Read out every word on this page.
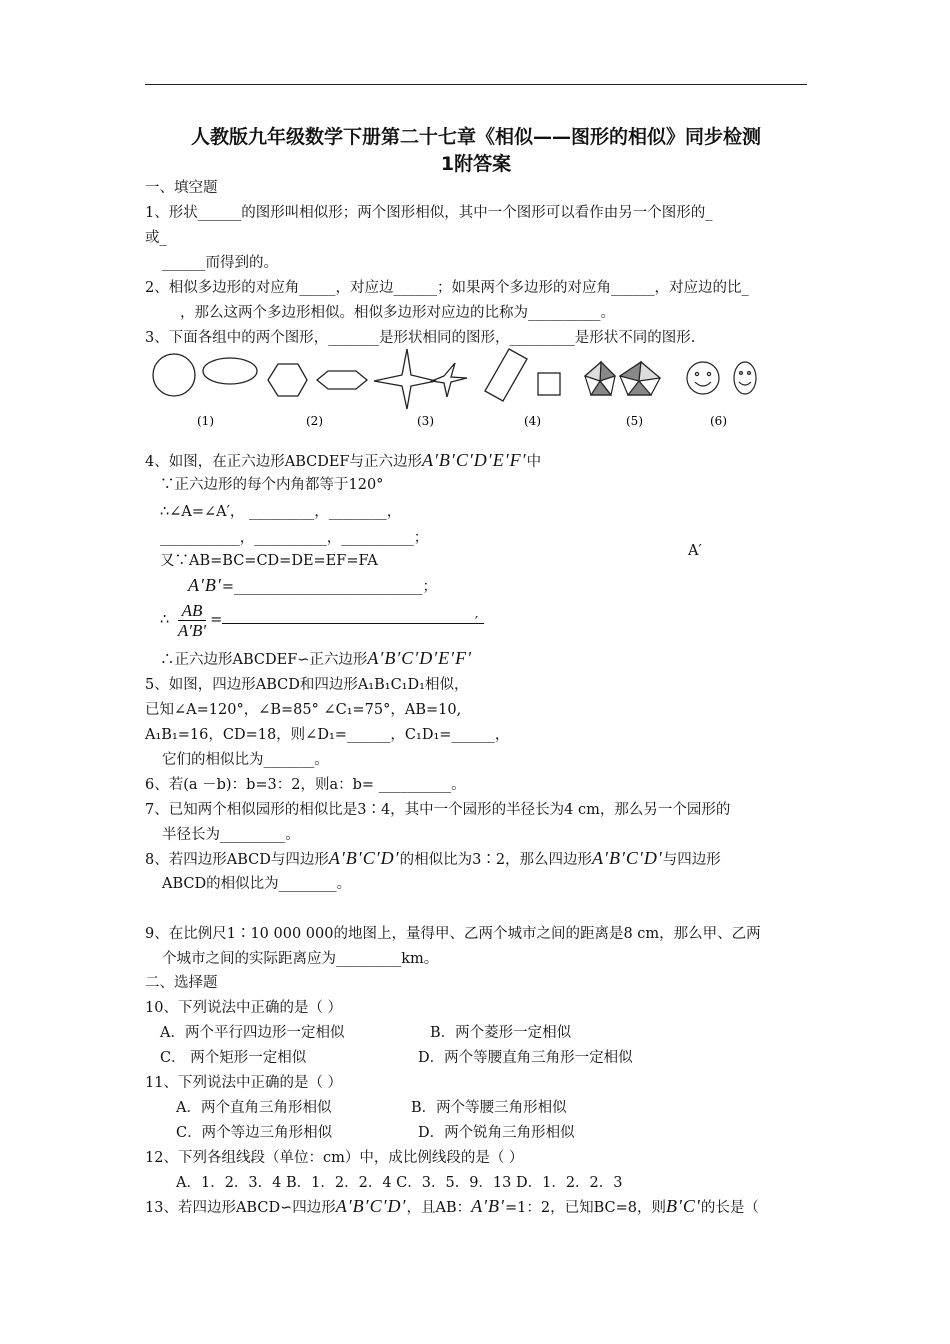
人教版九年级数学下册第二十七章《相似——图形的相似》同步检测
1附答案
一、填空题
1、形状______的图形叫相似形；两个图形相似，其中一个图形可以看作由另一个图形的_
或_
______而得到的。
2、相似多边形的对应角_____，对应边______；如果两个多边形的对应角______，对应边的比_
，那么这两个多边形相似。相似多边形对应边的比称为__________。
3、下面各组中的两个图形，_______是形状相同的图形，_________是形状不同的图形.
(1)	(2)	(3)	(4)	(5)	(6)
4、如图，在正六边形ABCDEF与正六边形A′B′C′D′E′F′中
∵正六边形的每个内角都等于120°
∴∠A=∠A′， _________，________，
___________，__________，__________；
又∵AB=BC=CD=DE=EF=FA
A′B′=__________________________；
∴ $\frac{AB}{A'B'}$ =	′
∴正六边形ABCDEF∽正六边形A′B′C′D′E′F′
A′
5、如图，四边形ABCD和四边形A₁B₁C₁D₁相似，
已知∠A=120°，∠B=85° ∠C₁=75°，AB=10,
A₁B₁=16，CD=18，则∠D₁=______，C₁D₁=______，
它们的相似比为_______。
6、若(a －b)：b=3：2，则a：b= __________。
7、已知两个相似园形的相似比是3∶4，其中一个园形的半径长为4 cm，那么另一个园形的
半径长为_________。
8、若四边形ABCD与四边形A′B′C′D′的相似比为3∶2，那么四边形A′B′C′D′与四边形
ABCD的相似比为________。
9、在比例尺1∶10 000 000的地图上，量得甲、乙两个城市之间的距离是8 cm，那么甲、乙两
个城市之间的实际距离应为_________km。
二、选择题
10、下列说法中正确的是（ ）
A．两个平行四边形一定相似	B．两个菱形一定相似
C． 两个矩形一定相似	D．两个等腰直角三角形一定相似
11、下列说法中正确的是（ ）
A．两个直角三角形相似	B．两个等腰三角形相似
C．两个等边三角形相似	D．两个锐角三角形相似
12、下列各组线段（单位：cm）中，成比例线段的是（ ）
A．1．2．3．4 B．1．2．2．4 C．3．5．9．13 D．1．2．2．3
13、若四边形ABCD∽四边形A′B′C′D′，且AB：A′B′=1：2，已知BC=8，则B′C′的长是（
